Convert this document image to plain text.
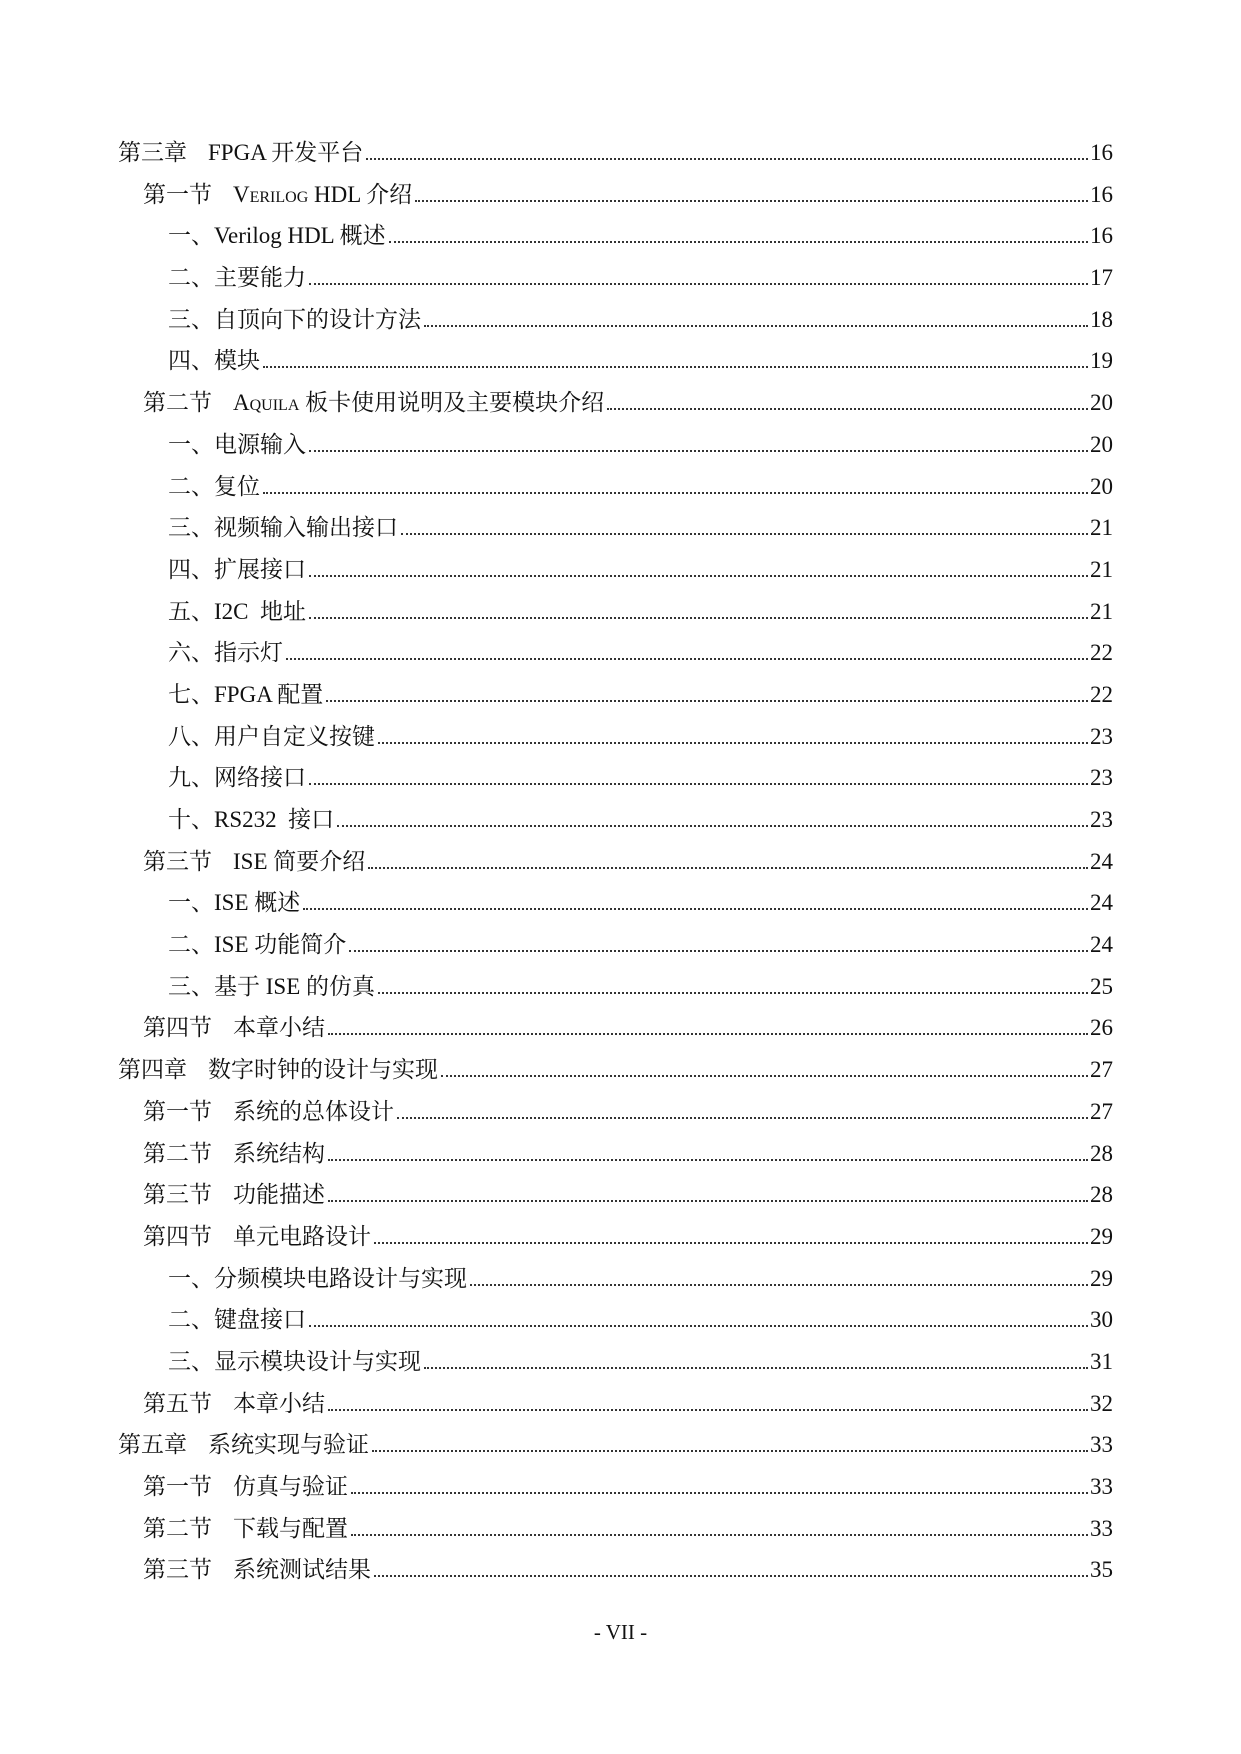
第三章 FPGA 开发平台	16
第一节 Verilog HDL 介绍	16
一、 Verilog HDL 概述	16
二、 主要能力	17
三、 自顶向下的设计方法	18
四、 模块	19
第二节 Aquila 板卡使用说明及主要模块介绍	20
一、 电源输入	20
二、 复位	20
三、 视频输入输出接口	21
四、 扩展接口	21
五、 I2C  地址	21
六、 指示灯	22
七、 FPGA 配置	22
八、 用户自定义按键	23
九、 网络接口	23
十、 RS232  接口	23
第三节 ISE 简要介绍	24
一、 ISE 概述	24
二、 ISE 功能简介	24
三、 基于 ISE 的仿真	25
第四节 本章小结	26
第四章 数字时钟的设计与实现	27
第一节 系统的总体设计	27
第二节 系统结构	28
第三节 功能描述	28
第四节 单元电路设计	29
一、 分频模块电路设计与实现	29
二、 键盘接口	30
三、 显示模块设计与实现	31
第五节 本章小结	32
第五章 系统实现与验证	33
第一节 仿真与验证	33
第二节 下载与配置	33
第三节 系统测试结果	35
- VII -
